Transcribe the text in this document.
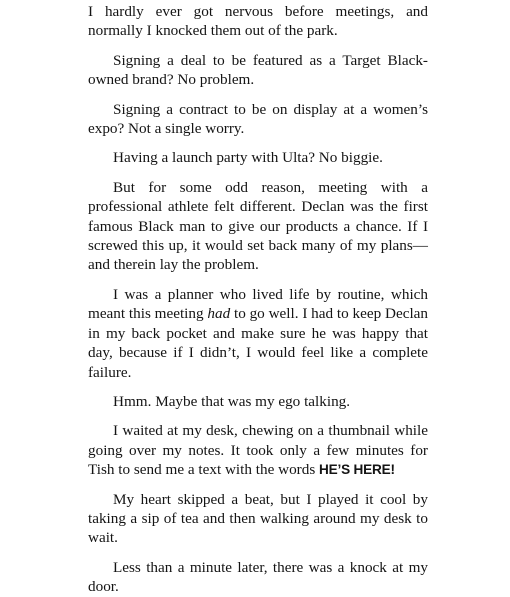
I hardly ever got nervous before meetings, and normally I knocked them out of the park.

Signing a deal to be featured as a Target Black-owned brand? No problem.

Signing a contract to be on display at a women’s expo? Not a single worry.

Having a launch party with Ulta? No biggie.

But for some odd reason, meeting with a professional athlete felt different. Declan was the first famous Black man to give our products a chance. If I screwed this up, it would set back many of my plans—and therein lay the problem.

I was a planner who lived life by routine, which meant this meeting had to go well. I had to keep Declan in my back pocket and make sure he was happy that day, because if I didn’t, I would feel like a complete failure.

Hmm. Maybe that was my ego talking.

I waited at my desk, chewing on a thumbnail while going over my notes. It took only a few minutes for Tish to send me a text with the words HE’S HERE!

My heart skipped a beat, but I played it cool by taking a sip of tea and then walking around my desk to wait.

Less than a minute later, there was a knock at my door.
